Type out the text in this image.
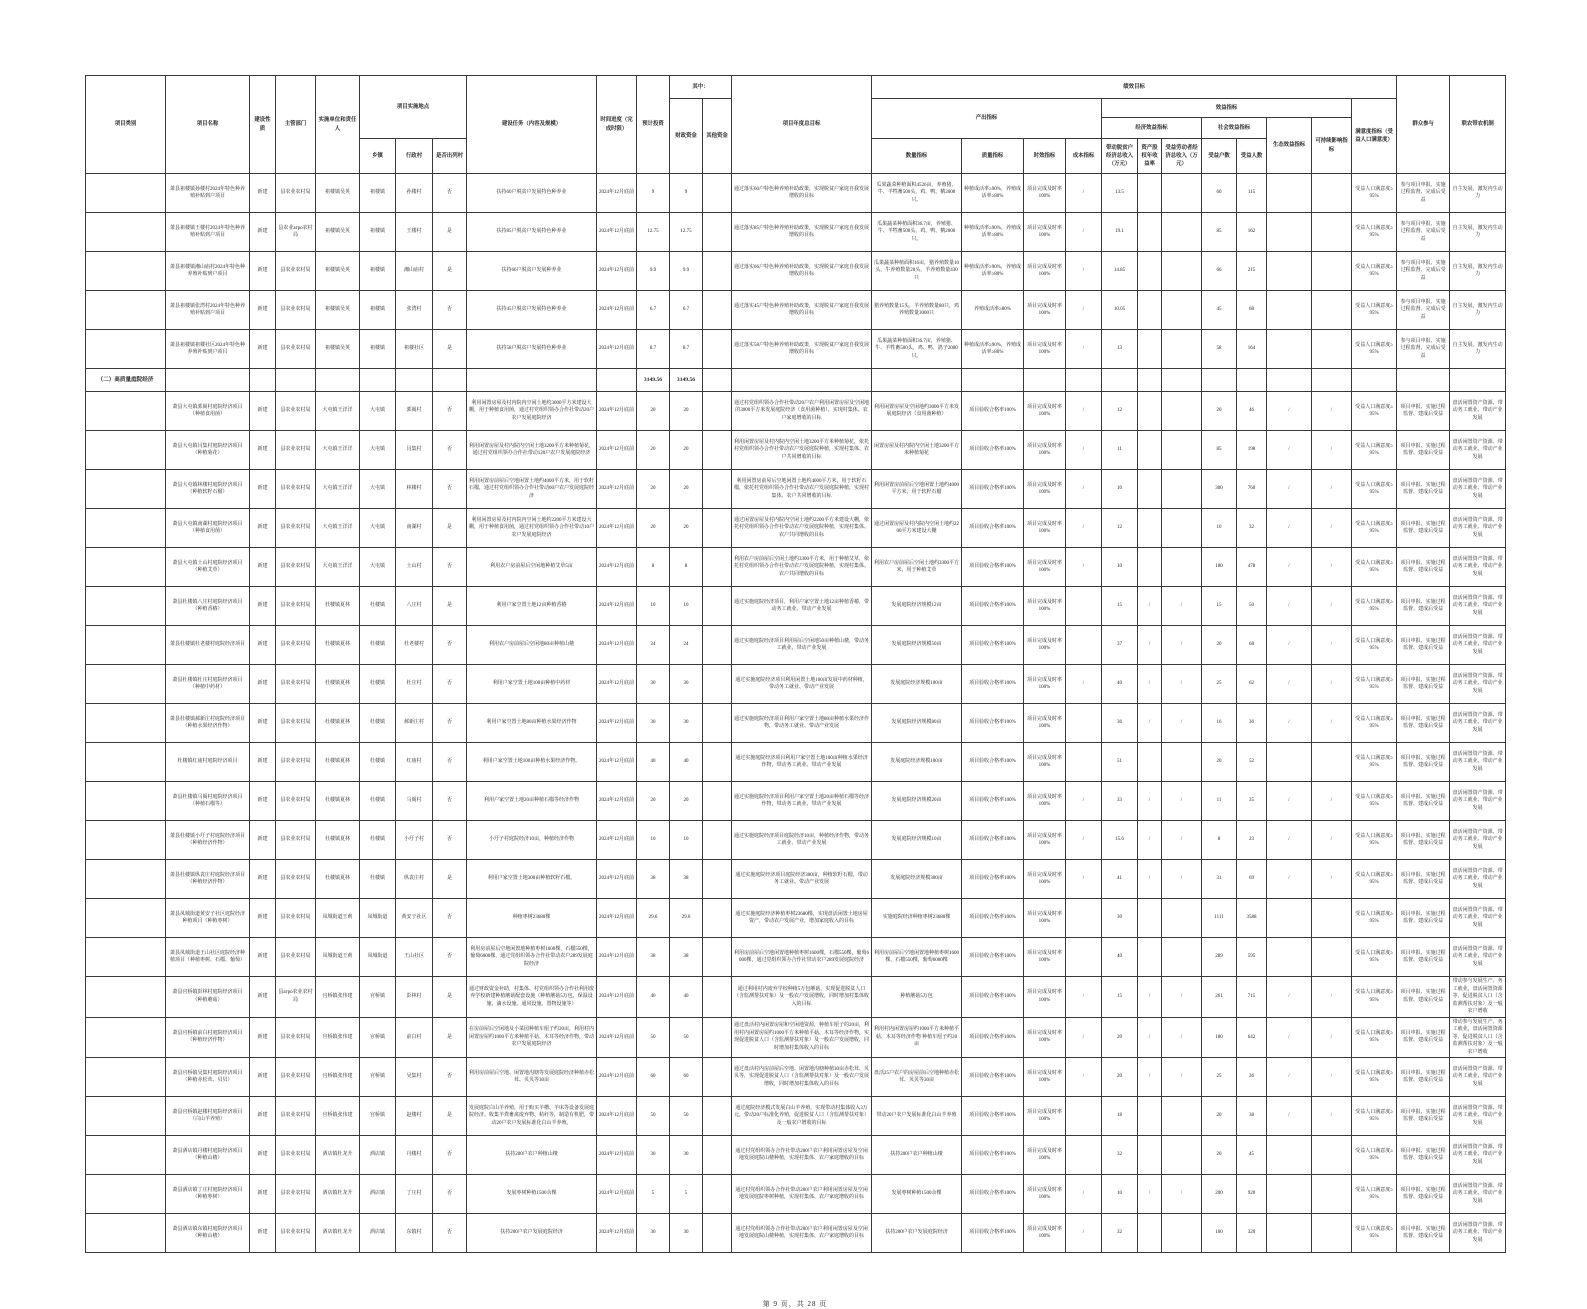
项目类别	项目名称	建设性质	主管部门	实施单位和责任人	项目实施地点			建设任务（内容及规模）	时间进度（完成时限）	预计投资	其中：		项目年度总目标	绩效目标												群众参与	联农带农机制
											财政资金	其他资金		产出指标				效益指标							满意度指标（受益人口满意度）		
																		经济效益指标			社会效益指标		生态效益指标	可持续影响指标			
					乡镇	行政村	是否出列村							数量指标	质量指标	时效指标	成本指标	带动脱贫户经济总收入（万元）	资产股权年收益率	受益劳动者经济总收入（万元）	受益户数	受益人数					
	萧县祖楼镇孙楼村2024年特色种养殖补贴到户项目	新建	县农业农村局	祖楼镇吴英	祖楼镇	孙楼村	否	扶持60户脱贫户发展特色种养业	2024年12月底前	9	9		通过落实60户特色种养殖补助政策，实现脱贫户家庭自我发展增收的目标	瓜果蔬菜种植面积4526亩，养殖猪、牛、羊牲畜500头，鸡、鸭、鹅2000只。	种植成活率≥90%，养殖成活率≥80%	项目完成及时率100%	/	13.5			60	115			受益人口满意度≥95%	参与项目申报、实施过程监督、完成后受益	自主发展，激发内生动力
	萧县祖楼镇王楼村2024年特色种养殖补贴到户项目	新建	县农业агро农村局	祖楼镇吴英	祖楼镇	王楼村	是	扶持85户脱贫户发展特色种养业	2024年12月底前	12.75	12.75		通过落实85户特色种养殖补助政策，实现脱贫户家庭自我发展增收的目标	瓜果蔬菜种植面积36.7亩，养殖猪、牛、羊牲畜500头，鸡、鸭、鹅2000只。	种植成活率≥90%，养殖成活率≥80%	项目完成及时率100%	/	19.1			85	162			受益人口满意度≥95%	参与项目申报、实施过程监督、完成后受益	自主发展，激发内生动力
	萧县祖楼镇湘山庙村2024年特色种养殖补贴到户项目	新建	县农业农村局	祖楼镇吴英	祖楼镇	湘山庙村	是	扶持66户脱贫户发展种养业	2024年12月底前	9.9	9.9		通过落实66户特色种养殖补助政策，实现脱贫户家庭自我发展增收的目标	瓜果蔬菜种植面积16亩，猪养殖数量10头，牛养殖数量20头，羊养殖数量430只	种植成活率≥90%，养殖成活率≥80%	项目完成及时率100%	/	14.85			66	215			受益人口满意度≥95%	参与项目申报、实施过程监督、完成后受益	自主发展，激发内生动力
	萧县祖楼镇张湾村2024年特色种养殖补贴到户项目	新建	县农业农村局	祖楼镇吴英	祖楼镇	张湾村	否	扶持45户脱贫户发展特色种养业	2024年12月底前	6.7	6.7		通过落实45户特色种养殖补助政策，实现脱贫户家庭自我发展增收的目标	猪养殖数量15头，羊养殖数量80只，鸡养殖数量3000只	养殖成活率≥80%	项目完成及时率100%	/	10.05			45	68			受益人口满意度≥95%	参与项目申报、实施过程监督、完成后受益	自主发展，激发内生动力
	萧县祖楼镇祖楼社区2024年特色种养殖补贴到户项目	新建	县农业农村局	祖楼镇吴英	祖楼镇	祖楼社区	是	扶持58户脱贫户发展特色种养业	2024年12月底前	8.7	8.7		通过落实58户特色种养殖补助政策，实现脱贫户家庭自我发展增收的目标	瓜果蔬菜种植面积36.7亩，养殖猪、牛、羊牲畜500头，鸡、鸭、鸽子2000只。	种植成活率≥90%，养殖成活率≥80%	项目完成及时率100%	/	13			58	164			受益人口满意度≥95%	参与项目申报、实施过程监督、完成后受益	自主发展，激发内生动力
（二）高质量庭院经济										3149.56	3149.56																
	萧县大屯镇郭阁村庭院经济项目（种植食用菌）	新建	县农业农村局	大屯镇王洋洋	大屯镇	郭阁村	否	利用闲置房屋及村内院内空闲土地约3000平方米建设大棚，用于种植食用菌，通过村党组织领办合作社带动20户农户发展庭院经济	2024年12月底前	20	20		通过村党组织领办合作社带动20户农户利用闲置房屋及空闲地的3000平方米发展庭院经济（食用菌种植），实现村集体、农户家庭增收的目标	利用闲置房屋及空闲地约3000平方米发展庭院经济（食用菌种植）	项目验收合格率100%	项目完成及时率100%	/	12			20	46	/	/	受益人口满意度≥95%	项目申报、实施过程监督、建成后受益	盘活闲置资产资源、带动务工就业、带动产业发展
	萧县大屯镇闫集村庭院经济项目（种植菊花）	新建	县农业农村局	大屯镇王洋洋	大屯镇	闫集村	否	利用闲置房屋及村内院内空闲土地3200平方米种植菊花，通过村党组织领办合作社带动120户农户发展庭院经济	2024年12月底前	20	20		利用闲置房屋及村内院内空闲土地3200平方米种植菊花，依托村党组织领办合作社带动农户发展庭院种植，实现村集体、农户共同增收的目标	闲置房屋及村内院内空闲土地3200平方米种植菊花	项目验收合格率100%	项目完成及时率100%	/	11			85	198	/	/	受益人口满意度≥95%	项目申报、实施过程监督、建成后受益	盘活闲置资产资源、带动务工就业、带动产业发展
	萧县大屯镇林楼村庭院经济项目（种植软籽石榴）	新建	县农业农村局	大屯镇王洋洋	大屯镇	林楼村	否	利用闲置房前屋后空地闲置土地约4000平方米，用于软籽石榴，通过村党组织领办合作社带动60户农户发展庭院经济	2024年12月底前	20	20		利用闲置房前屋后空地闲置土地约4000平方米，用于软籽石榴，依托村党组织领办合作社带动农户发展庭院种植，实现村集体、农户共同增收的目标	利用闲置房前屋后空地闲置土地约4000平方米，用于软籽石榴	项目验收合格率100%	项目完成及时率100%	/	10			300	760	/	/	受益人口满意度≥95%	项目申报、实施过程监督、建成后受益	盘活闲置资产资源、带动务工就业、带动产业发展
	萧县大屯镇南湖村庭院经济项目（种植食用菌）	新建	县农业农村局	大屯镇王洋洋	大屯镇	南湖村	是	利用闲置房屋及村内院内空闲土地约2200平方米建设大棚，用于种植食用菌，通过村党组织领办合作社带动10户农户发展庭院经济	2024年12月底前	20	20		通过闲置房屋及村内院内空闲土地约2200平方米建设大棚，依托村党组织领办合作社带动农户发展庭院种植，实现村集体、农户共同增收的目标	通过闲置房屋及村内院内空闲土地约2200平方米建设大棚	项目验收合格率100%	项目完成及时率100%	/	12			10	32	/	/	受益人口满意度≥95%	项目申报、实施过程监督、建成后受益	盘活闲置资产资源、带动务工就业、带动产业发展
	萧县大屯镇土山村庭院经济项目（种植艾草）	新建	县农业农村局	大屯镇王洋洋	大屯镇	土山村	否	利用农户房前屋后空闲地种植艾草5亩	2024年12月底前	8	8		利用农户房前屋后空闲土地约3300平方米，用于种植艾草，依托村党组织领办合作社带动农户发展庭院种植，实现村集体、农户共同增收的目标	利用农户房前屋后空闲土地约3300平方米，用于种植艾草	项目验收合格率100%	项目完成及时率100%	/	10			180	478	/	/	受益人口满意度≥95%	项目申报、实施过程监督、建成后受益	盘活闲置资产资源、带动务工就业、带动产业发展
	萧县杜楼镇八庄村庭院经济项目（种植香椿）	新建	县农业农村局	杜楼镇夏林	杜楼镇	八庄村	是	利用户家空置土地12亩种植香椿	2024年12月底前	10	10		通过实施庭院经济项目，利用户家空置土地12亩种植香椿，带动务工就业、带动产业发展	发展庭院经济规模12亩	项目验收合格率100%	项目完成及时率100%		15	/	/	15	50	/	/	受益人口满意度≥95%	项目申报、实施过程监督、建成后受益	盘活闲置资产资源、带动务工就业、带动产业发展
	萧县杜楼镇杜老楼村庭院经济项目	新建	县农业农村局	杜楼镇夏林	杜楼镇	杜老楼村	否	利用农户房前屋后空闲地80亩种植山楂	2024年12月底前	24	24		通过实施庭院经济项目利用屋后空闲地50亩种植山楂，带动务工就业、带动产业发展	发展庭院经济规模50亩	项目验收合格率100%	项目完成及时率100%		37	/	/	20	68	/	/	受益人口满意度≥95%	项目申报、实施过程监督、建成后受益	盘活闲置资产资源、带动务工就业、带动产业发展
	萧县杜楼镇杜庄村庭院经济项目（种植中药材）	新建	县农业农村局	杜楼镇夏林	杜楼镇	杜庄村	否	利用户家空置土地100亩种植中药材	2024年12月底前	30	30		通过实施庭院经济项目利用闲置土地100亩发展中药材种植，带动务工就业、带动产业发展	发展庭院经济规模100亩	项目验收合格率100%	项目完成及时率100%	/	40	/	/	25	62	/	/	受益人口满意度≥95%	项目申报、实施过程监督、建成后受益	盘活闲置资产资源、带动务工就业、带动产业发展
	萧县杜楼镇郝新庄村庭院经济项目（种植水果经济作物）	新建	县农业农村局	杜楼镇夏林	杜楼镇	郝新庄村	否	利用户家空置土地80亩种植水果经济作物	2024年12月底前	30	30		通过实施庭院经济项目利用户家空置土地80亩种植水果经济作物，带动务工就业、带动产业发展	发展庭院经济规模80亩	项目验收合格率100%	项目完成及时率100%		36	/	/	16	36	/	/	受益人口满意度≥95%	项目申报、实施过程监督、建成后受益	盘活闲置资产资源、带动务工就业、带动产业发展
	杜楼镇红庙村庭院经济项目	新建	县农业农村局	杜楼镇夏林	杜楼镇	红庙村	否	利用户家空置土地100亩种植水果经济作物。	2024年12月底前	40	40		通过实施庭院经济项目利用户家空置土地100亩种植水果经济作物，带动务工就业、带动产业发展	发展庭院经济规模100亩	项目验收合格率100%	项目完成及时率100%		51			20	52			受益人口满意度≥95%	项目申报、实施过程监督、建成后受益	盘活闲置资产资源、带动务工就业、带动产业发展
	萧县杜楼镇马阁村庭院经济项目（种植石榴等）	新建	县农业农村局	杜楼镇夏林	杜楼镇	马阁村	否	利用户家空置土地20亩种植石榴等经济作物	2024年12月底前	20	20		通过实施庭院经济项目利用户家空置土地20亩种植石榴等经济作物，带动务工就业、带动产业发展	发展庭院经济规模20亩	项目验收合格率100%	项目完成及时率100%	/	33	/	/	11	35	/	/	受益人口满意度≥95%	项目申报、实施过程监督、建成后受益	盘活闲置资产资源、带动务工就业、带动产业发展
	萧县杜楼镇小圩子村庭院经济项目（种植经济作物）	新建	县农业农村局	杜楼镇夏林	杜楼镇	小圩子村	否	小圩子村庭院经济10亩，种植经济作物	2024年12月底前	10	10		通过实施庭院经济项目庭院经济10亩，种植经济作物，带动务工就业、带动产业发展	发展庭院经济规模10亩	项目验收合格率100%	项目完成及时率100%	/	15.6	/	/	8	23	/	/	受益人口满意度≥95%	项目申报、实施过程监督、建成后受益	盘活闲置资产资源、带动务工就业、带动产业发展
	萧县杜楼镇纵袁庄村庭院经济项目（种植经济作物）	新建	县农业农村局	杜楼镇夏林	杜楼镇	纵袁庄村	是	利用户家空置土地300亩种植软籽石榴。	2024年12月底前	38	38		通过实施庭院经济项目庭院经济300亩，种植软籽石榴，带动务工就业、带动产业发展	发展庭院经济规模300亩	项目验收合格率100%	项目完成及时率100%	/	41	/	/	31	69	/	/	受益人口满意度≥95%	项目申报、实施过程监督、建成后受益	盘活闲置资产资源、带动务工就业、带动产业发展
	萧县凤城街道黄安子社区庭院经济种植项目（种植枣树）	新建	县农业农村局	凤城街道王莉	凤城街道	黄安子社区	否	种植枣树23680棵	2024年12月底前	29.6	29.6		通过实施庭院经济种植枣树23680棵，实现盘活闲置土地房屋资产，带动农户发展产业，增加家庭收入的目标	实施庭院经济种植枣树23680棵	项目验收合格率100%	项目完成及时率100%		30			1111	3588			受益人口满意度≥95%	项目申报、实施过程监督、建成后受益	盘活闲置资产资源、带动务工就业、带动产业发展
	萧县凤城街道王山社区庭院经济种植项目（种植枣树、石榴、葡萄）	新建	县农业农村局	凤城街道王莉	凤城街道	王山社区	否	利用房前屋后空地闲置地种植枣树1600棵，石榴550棵，葡萄6000棵，通过党组织领办合作社带动农户289发展庭院经济	2024年12月底前	38	38		利用房前屋后空地闲置地种植枣树1600棵，石榴550棵，葡萄6000棵，通过党组织领办合作社带动农户289发展庭院经济	利用房前屋后空地闲置地种植枣树1600棵，石榴550棵，葡萄6000棵	项目验收合格率100%	项目完成及时率100%		40			289	595			受益人口满意度≥95%	项目申报、实施过程监督、建成后受益	盘活闲置资产资源、带动务工就业、带动产业发展
	萧县官桥镇彭林村庭院经济项目（种植蘑菇）	新建	县агро农业农村局	官桥镇张伟建	官桥镇	彭林村	是	通过财政资金补助，村集体、村党组织领办合作社利用废弃学校新建种植蘑菇配套设施（种植蘑菇5万包，保温设施、滴水设施、通风设施、置物设施等）	2024年12月底前	40	40		通过利用村内废弃学校种植5万包蘑菇，实现促进脱贫人口（含监测帮扶对象）及一般农户发展增收，同时增加村集体收入的目标	种植蘑菇5万包	项目验收合格率100%	项目完成及时率100%	/	15	/	/	261	715	/	/	受益人口满意度≥95%	项目申报、实施过程监督、建成后受益	带动参与发展生产、务工就业、盘活闲置资源等，促进脱贫人口（含监测帮扶对象）及一般农户增收
	萧县官桥镇前白村庭院经济项目（种植经济作物）	新建	县农业农村局	官桥镇张伟建	官桥镇	前白村	是	在房前屋后空闲地及小菜园种植车厘子约20亩，利用村内闲置房屋约1000平方米种植平菇、木耳等经济作物，带动农户发展庭院经济	2024年12月底前	50	50		通过盘活村内闲置房屋和空闲地资源，种植车厘子的20亩，利用村内闲置房屋约1000平方米种植平菇、木耳等经济作物，实现促进脱贫人口（含监测帮扶对象）及一般农户发展增收，同时增加村集体收入的目标	利用村内闲置房屋约1000平方米种植平菇、木耳等经济作物 种植车厘子约20亩	项目验收合格率100%	项目完成及时率100%	/	20	/	/	180	642	/	/	受益人口满意度≥95%	项目申报、实施过程监督、建成后受益	带动参与发展生产、务工就业、盘活闲置资源等，促进脱贫人口（含监测帮扶对象）及一般农户增收
	萧县官桥镇吴集村庭院经济项目（种植赤松茸、贝贝）	新建	县农业农村局	官桥镇张伟建	官桥镇	吴集村	否	利用房前屋后空地、闲置地沟塘等发展庭院经济种植赤松茸、贝贝等30亩	2024年12月底前	60	60		通过盘活村内房前屋后空地、闲置地沟塘种植30亩赤松茸、贝贝等，实现促进脱贫人口（含监测帮扶对象）及一般农户发展增收，同时增加村集体收入的目标	盘活25户农户的房屋前后空地种植赤松茸、贝贝等30亩	项目验收合格率100%	项目完成及时率100%	/	20	/	/	25	36	/	/	受益人口满意度≥95%	项目申报、实施过程监督、建成后受益	盘活闲置资产资源、带动务工就业、带动产业发展
	萧县官桥镇赵楼村庭院经济项目（白山羊养殖）	新建	县农业农村局	官桥镇张伟建	官桥镇	赵楼村	是	发展庭院白山羊养殖，用于购买羊槽、羊床等设备发展庭院经济。收集羊粪畜禽废弃物、秸秆等，制造有机肥，带动20户农户发展标准化白山羊养殖。	2024年12月底前	50	50		通过庭院经济模式发展白山羊养殖，实现带动村集体收入3万元，带动20户标准化养殖，促进脱贫人口（含监测帮扶对象）及一般农户增收的目标	带动20户农户发展标准化白山羊养殖	项目验收合格率100%	项目完成及时率100%		18			20	38	/	/	受益人口满意度≥95%	项目申报、实施过程监督、建成后受益	盘活闲置资产资源、带动务工就业、带动产业发展
	萧县酒店镇丹楼村庭院经济项目（种植山楂）	新建	县农业农村局	酒店镇杜龙升	酒店镇	丹楼村	否	扶持200户农户种植山楂	2024年12月底前	30	30		通过村党组织领办合作社带动200户农户利用闲置房屋及空闲地发展庭院山楂种植，实现村集体、农户家庭增收的目标	扶持200户农户种植山楂	项目验收合格率100%	项目完成及时率100%		32			20	45			受益人口满意度≥95%	项目申报、实施过程监督、建成后受益	盘活闲置资产资源、带动务工就业、带动产业发展
	萧县酒店镇丁庄村庭院经济项目（种植枣树）	新建	县农业农村局	酒店镇杜龙升	酒店镇	丁庄村	否	发展枣树种植1500余棵	2024年12月底前	5	5		通过村党组织领办合作社带动200户农户利用闲置房屋及空闲地发展庭院枣树种植，实现村集体、农户家庭增收的目标	发展枣树种植1500余棵	项目验收合格率100%	项目完成及时率100%	/	10	/	/	200	920			受益人口满意度≥95%	项目申报、实施过程监督、建成后受益	盘活闲置资产资源、带动务工就业、带动产业发展
	萧县酒店镇东镇村庭院经济项目（种植山楂）	新建	县农业农村局	酒店镇杜龙升	酒店镇	东镇村	否	扶持200户农户发展庭院经济	2024年12月底前	30	30		通过村党组织领办合作社带动200户农户利用闲置房屋及空闲地发展庭院山楂种植，实现村集体、农户家庭增收的目标	扶持200户农户发展庭院经济	项目验收合格率100%	项目完成及时率100%	/	32			100	320			受益人口满意度≥95%	项目申报、实施过程监督、建成后受益	盘活闲置资产资源、带动务工就业、带动产业发展
第 9 页，共 28 页
